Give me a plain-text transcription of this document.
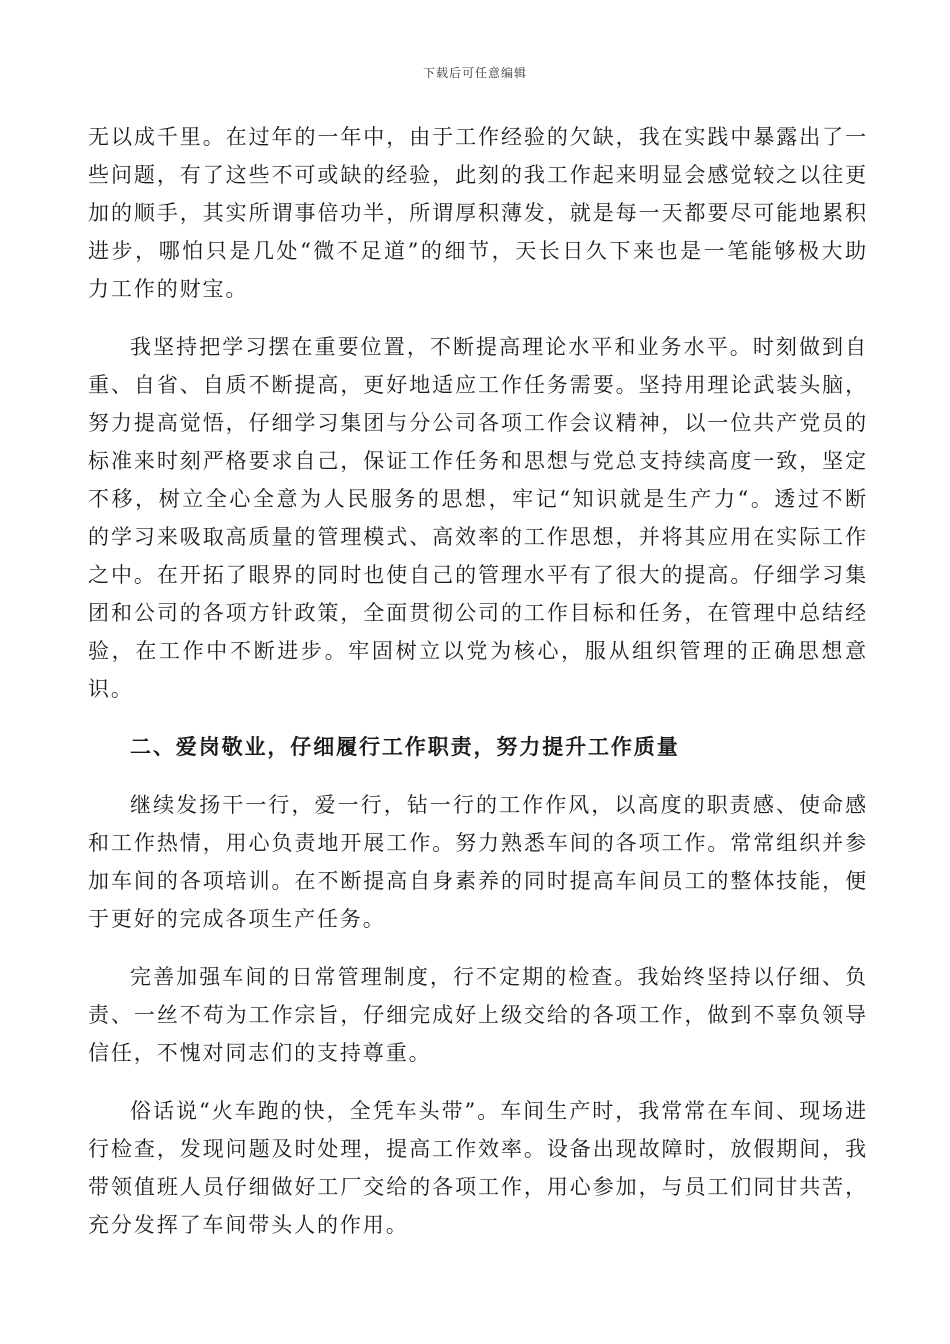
下载后可任意编辑

无以成千里。在过年的一年中，由于工作经验的欠缺，我在实践中暴露出了一些问题，有了这些不可或缺的经验，此刻的我工作起来明显会感觉较之以往更加的顺手，其实所谓事倍功半，所谓厚积薄发，就是每一天都要尽可能地累积进步，哪怕只是几处“微不足道”的细节，天长日久下来也是一笔能够极大助力工作的财宝。

我坚持把学习摆在重要位置，不断提高理论水平和业务水平。时刻做到自重、自省、自质不断提高，更好地适应工作任务需要。坚持用理论武装头脑，努力提高觉悟，仔细学习集团与分公司各项工作会议精神，以一位共产党员的标准来时刻严格要求自己，保证工作任务和思想与党总支持续高度一致，坚定不移，树立全心全意为人民服务的思想，牢记“知识就是生产力“。透过不断的学习来吸取高质量的管理模式、高效率的工作思想，并将其应用在实际工作之中。在开拓了眼界的同时也使自己的管理水平有了很大的提高。仔细学习集团和公司的各项方针政策，全面贯彻公司的工作目标和任务，在管理中总结经验，在工作中不断进步。牢固树立以党为核心，服从组织管理的正确思想意识。

二、爱岗敬业，仔细履行工作职责，努力提升工作质量

继续发扬干一行，爱一行，钻一行的工作作风，以高度的职责感、使命感和工作热情，用心负责地开展工作。努力熟悉车间的各项工作。常常组织并参加车间的各项培训。在不断提高自身素养的同时提高车间员工的整体技能，便于更好的完成各项生产任务。

完善加强车间的日常管理制度，行不定期的检查。我始终坚持以仔细、负责、一丝不苟为工作宗旨，仔细完成好上级交给的各项工作，做到不辜负领导信任，不愧对同志们的支持尊重。

俗话说“火车跑的快，全凭车头带”。车间生产时，我常常在车间、现场进行检查，发现问题及时处理，提高工作效率。设备出现故障时，放假期间，我带领值班人员仔细做好工厂交给的各项工作，用心参加，与员工们同甘共苦，充分发挥了车间带头人的作用。
